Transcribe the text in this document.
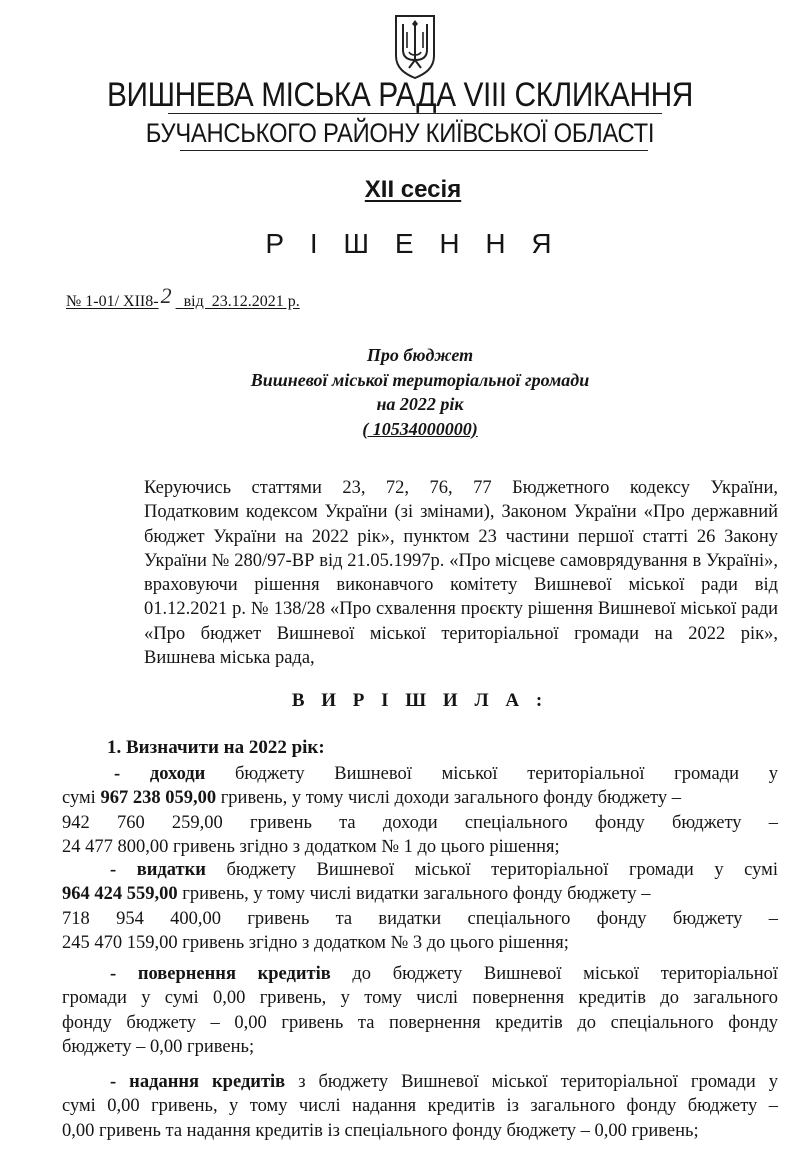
ВИШНЕВА МІСЬКА РАДА VIII СКЛИКАННЯ
БУЧАНСЬКОГО РАЙОНУ КИЇВСЬКОЇ ОБЛАСТІ
XII сесія
Р І Ш Е Н Н Я
№ 1-01/ XII8-2 від  23.12.2021 р.
Про бюджет
Вишневої міської територіальної громади
на 2022 рік
( 10534000000)
Керуючись статтями 23, 72, 76, 77 Бюджетного кодексу України,
Податковим кодексом України (зі змінами), Законом України «Про державний
бюджет України на 2022 рік», пунктом 23 частини першої статті 26 Закону
України № 280/97-ВР від 21.05.1997р. «Про місцеве самоврядування в Україні»,
враховуючи рішення виконавчого комітету Вишневої міської ради від
01.12.2021 р. № 138/28 «Про схвалення проєкту рішення Вишневої міської ради
«Про бюджет Вишневої міської територіальної громади на 2022 рік»,
Вишнева міська рада,
В И Р І Ш И Л А :
1. Визначити на 2022 рік:
- доходи бюджету Вишневої міської територіальної громади у
сумі 967 238 059,00 гривень, у тому числі доходи загального фонду бюджету –
942 760 259,00 гривень та доходи спеціального фонду бюджету –
24 477 800,00 гривень згідно з додатком № 1 до цього рішення;
- видатки бюджету Вишневої міської територіальної громади у сумі
964 424 559,00 гривень, у тому числі видатки загального фонду бюджету –
718 954 400,00 гривень та видатки спеціального фонду бюджету –
245 470 159,00 гривень згідно з додатком № 3 до цього рішення;
- повернення кредитів до бюджету Вишневої міської територіальної
громади у сумі 0,00 гривень, у тому числі повернення кредитів до загального
фонду бюджету – 0,00 гривень та повернення кредитів до спеціального фонду
бюджету – 0,00 гривень;
- надання кредитів з бюджету Вишневої міської територіальної громади у
сумі 0,00 гривень, у тому числі надання кредитів із загального фонду бюджету –
0,00 гривень та надання кредитів із спеціального фонду бюджету – 0,00 гривень;
